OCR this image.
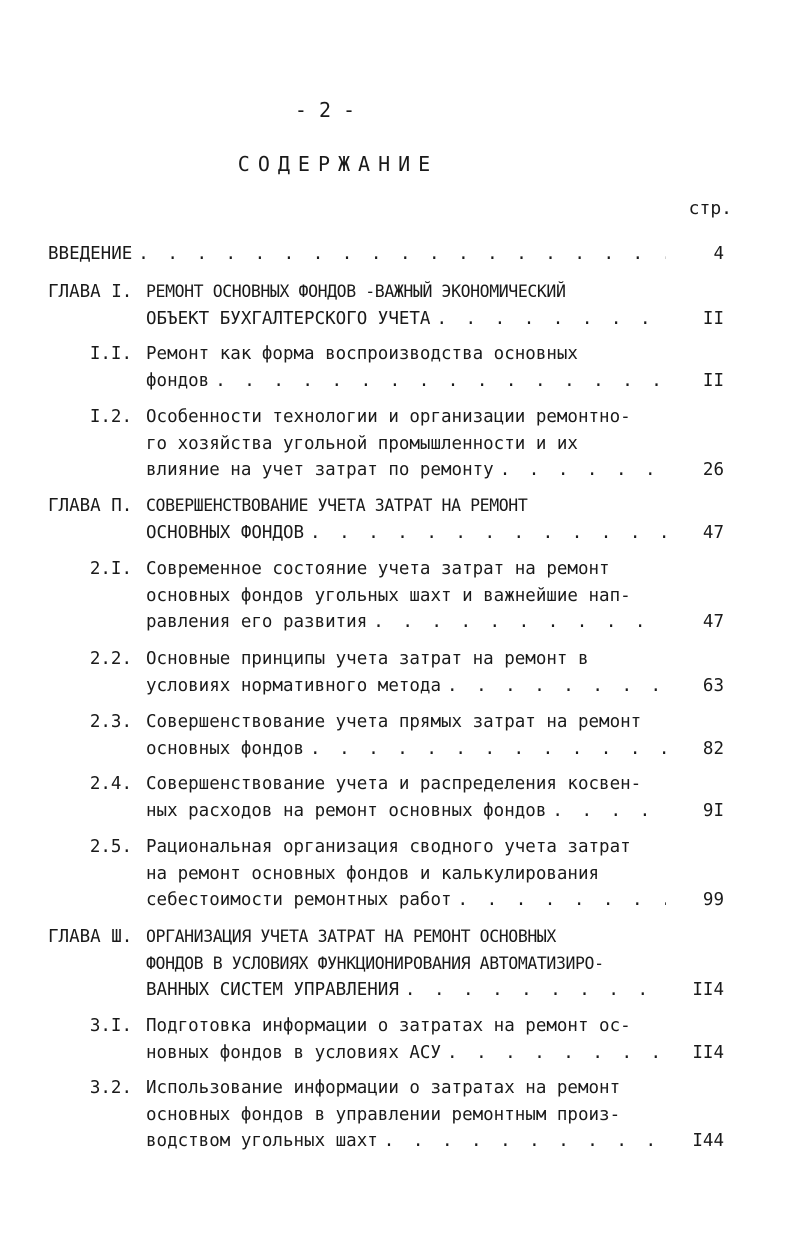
- 2 -
СОДЕРЖАНИЕ
стр.
ВВЕДЕНИЕ . . .	4
ГЛАВА I. РЕМОНТ ОСНОВНЫХ ФОНДОВ -ВАЖНЫЙ ЭКОНОМИЧЕСКИЙ
ОБЪЕКТ БУХГАЛТЕРСКОГО УЧЕТА . . .	II
I.I. Ремонт как форма воспроизводства основных
фондов . . .	II
I.2. Особенности технологии и организации ремонтно-
го хозяйства угольной промышленности и их
влияние на учет затрат по ремонту . . .	26
ГЛАВА П. СОВЕРШЕНСТВОВАНИЕ УЧЕТА ЗАТРАТ НА РЕМОНТ
ОСНОВНЫХ ФОНДОВ . . .	47
2.I. Современное состояние учета затрат на ремонт
основных фондов угольных шахт и важнейшие нап-
равления его развития . . .	47
2.2. Основные принципы учета затрат на ремонт в
условиях нормативного метода . . .	63
2.3. Совершенствование учета прямых затрат на ремонт
основных фондов . . .	82
2.4. Совершенствование учета и распределения косвен-
ных расходов на ремонт основных фондов . . .	9I
2.5. Рациональная организация сводного учета затрат
на ремонт основных фондов и калькулирования
себестоимости ремонтных работ . . .	99
ГЛАВА Ш. ОРГАНИЗАЦИЯ УЧЕТА ЗАТРАТ НА РЕМОНТ ОСНОВНЫХ
ФОНДОВ В УСЛОВИЯХ ФУНКЦИОНИРОВАНИЯ АВТОМАТИЗИРО-
ВАННЫХ СИСТЕМ УПРАВЛЕНИЯ . . .	II4
3.I. Подготовка информации о затратах на ремонт ос-
новных фондов в условиях АСУ . . .	II4
3.2. Использование информации о затратах на ремонт
основных фондов в управлении ремонтным произ-
водством угольных шахт . . .	I44
